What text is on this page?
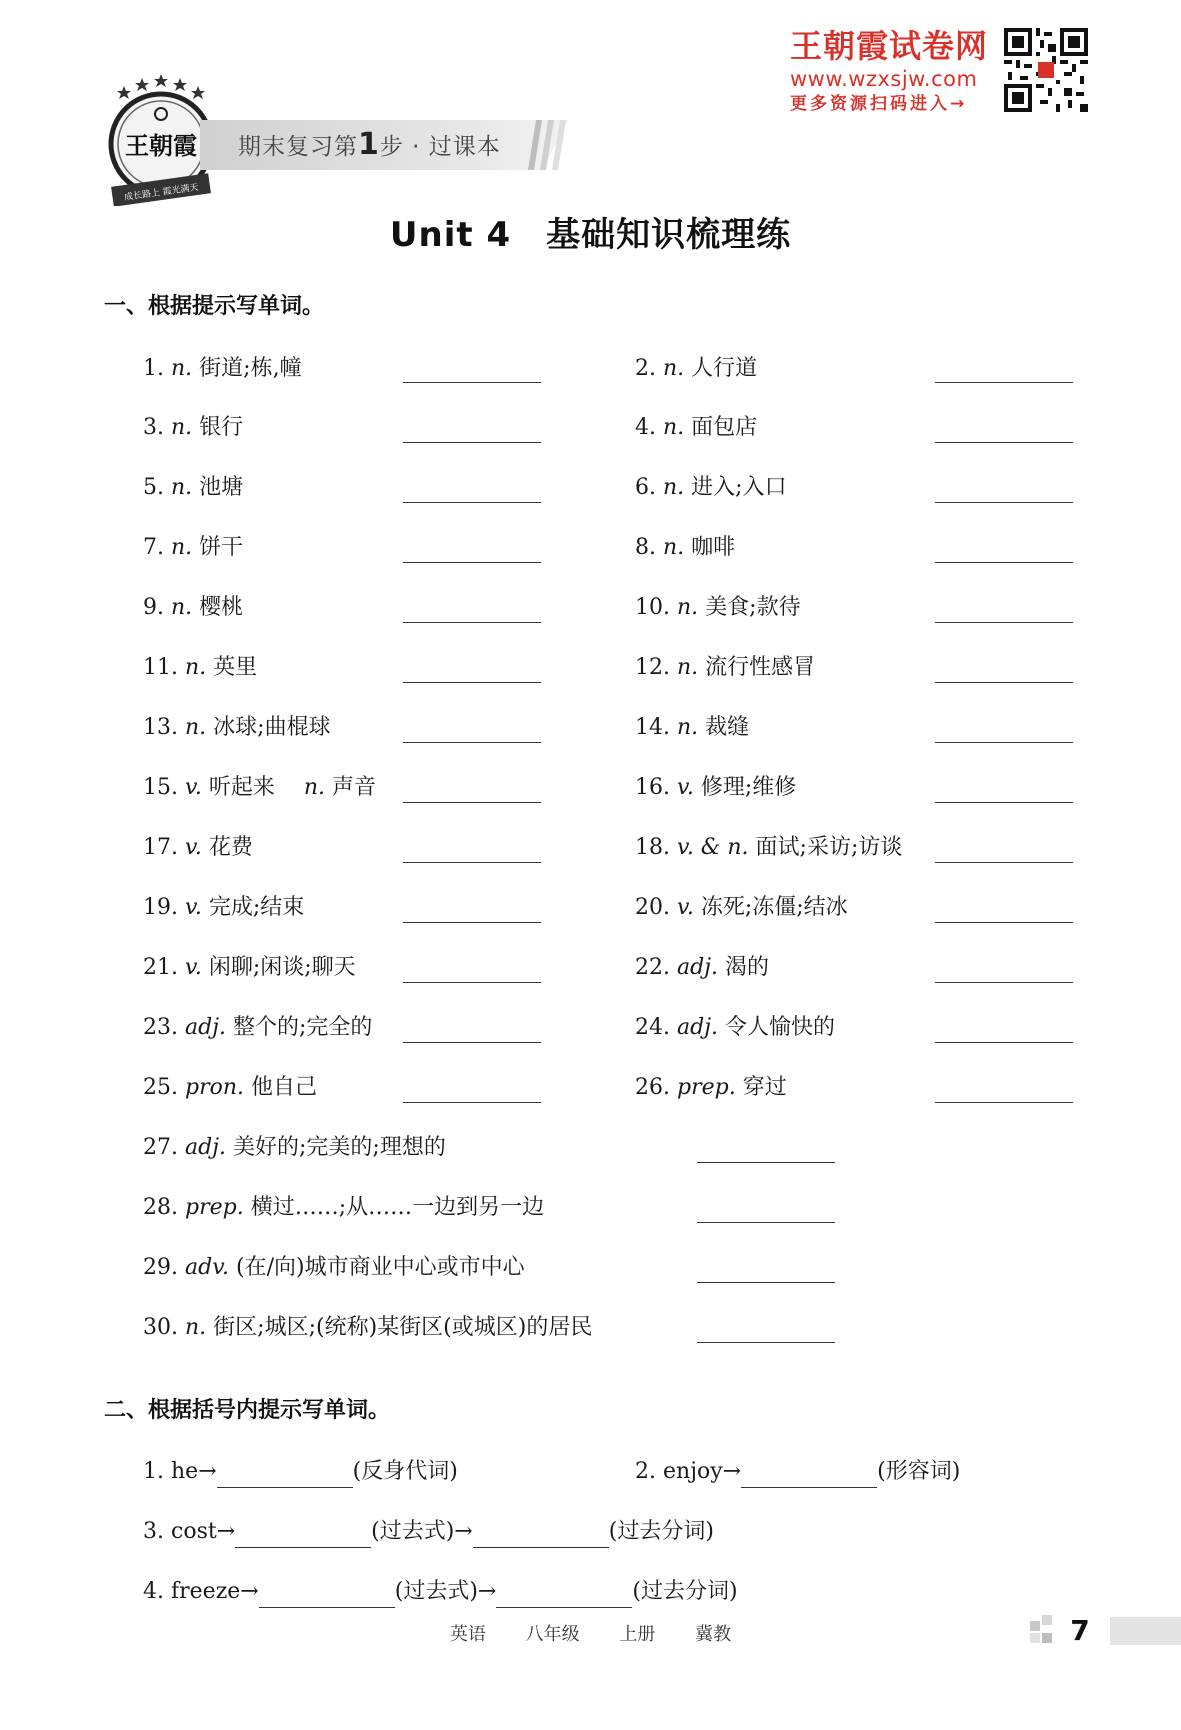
王朝霞试卷网
www.wzxsjw.com
更多资源扫码进入→
王朝霞
成长路上 霞光满天
期末复习第1步 · 过课本
Unit 4　基础知识梳理练
一、根据提示写单词。
1. n. 街道;栋,幢	2. n. 人行道
3. n. 银行	4. n. 面包店
5. n. 池塘	6. n. 进入;入口
7. n. 饼干	8. n. 咖啡
9. n. 樱桃	10. n. 美食;款待
11. n. 英里	12. n. 流行性感冒
13. n. 冰球;曲棍球	14. n. 裁缝
15. v. 听起来　 n. 声音	16. v. 修理;维修
17. v. 花费	18. v. & n. 面试;采访;访谈
19. v. 完成;结束	20. v. 冻死;冻僵;结冰
21. v. 闲聊;闲谈;聊天	22. adj. 渴的
23. adj. 整个的;完全的	24. adj. 令人愉快的
25. pron. 他自己	26. prep. 穿过
27. adj. 美好的;完美的;理想的
28. prep. 横过……;从……一边到另一边
29. adv. (在/向)城市商业中心或市中心
30. n. 街区;城区;(统称)某街区(或城区)的居民
二、根据括号内提示写单词。
1. he→	(反身代词)	2. enjoy→	(形容词)
3. cost→	(过去式)→	(过去分词)
4. freeze→	(过去式)→	(过去分词)
英语 八年级 上册 冀教	7
